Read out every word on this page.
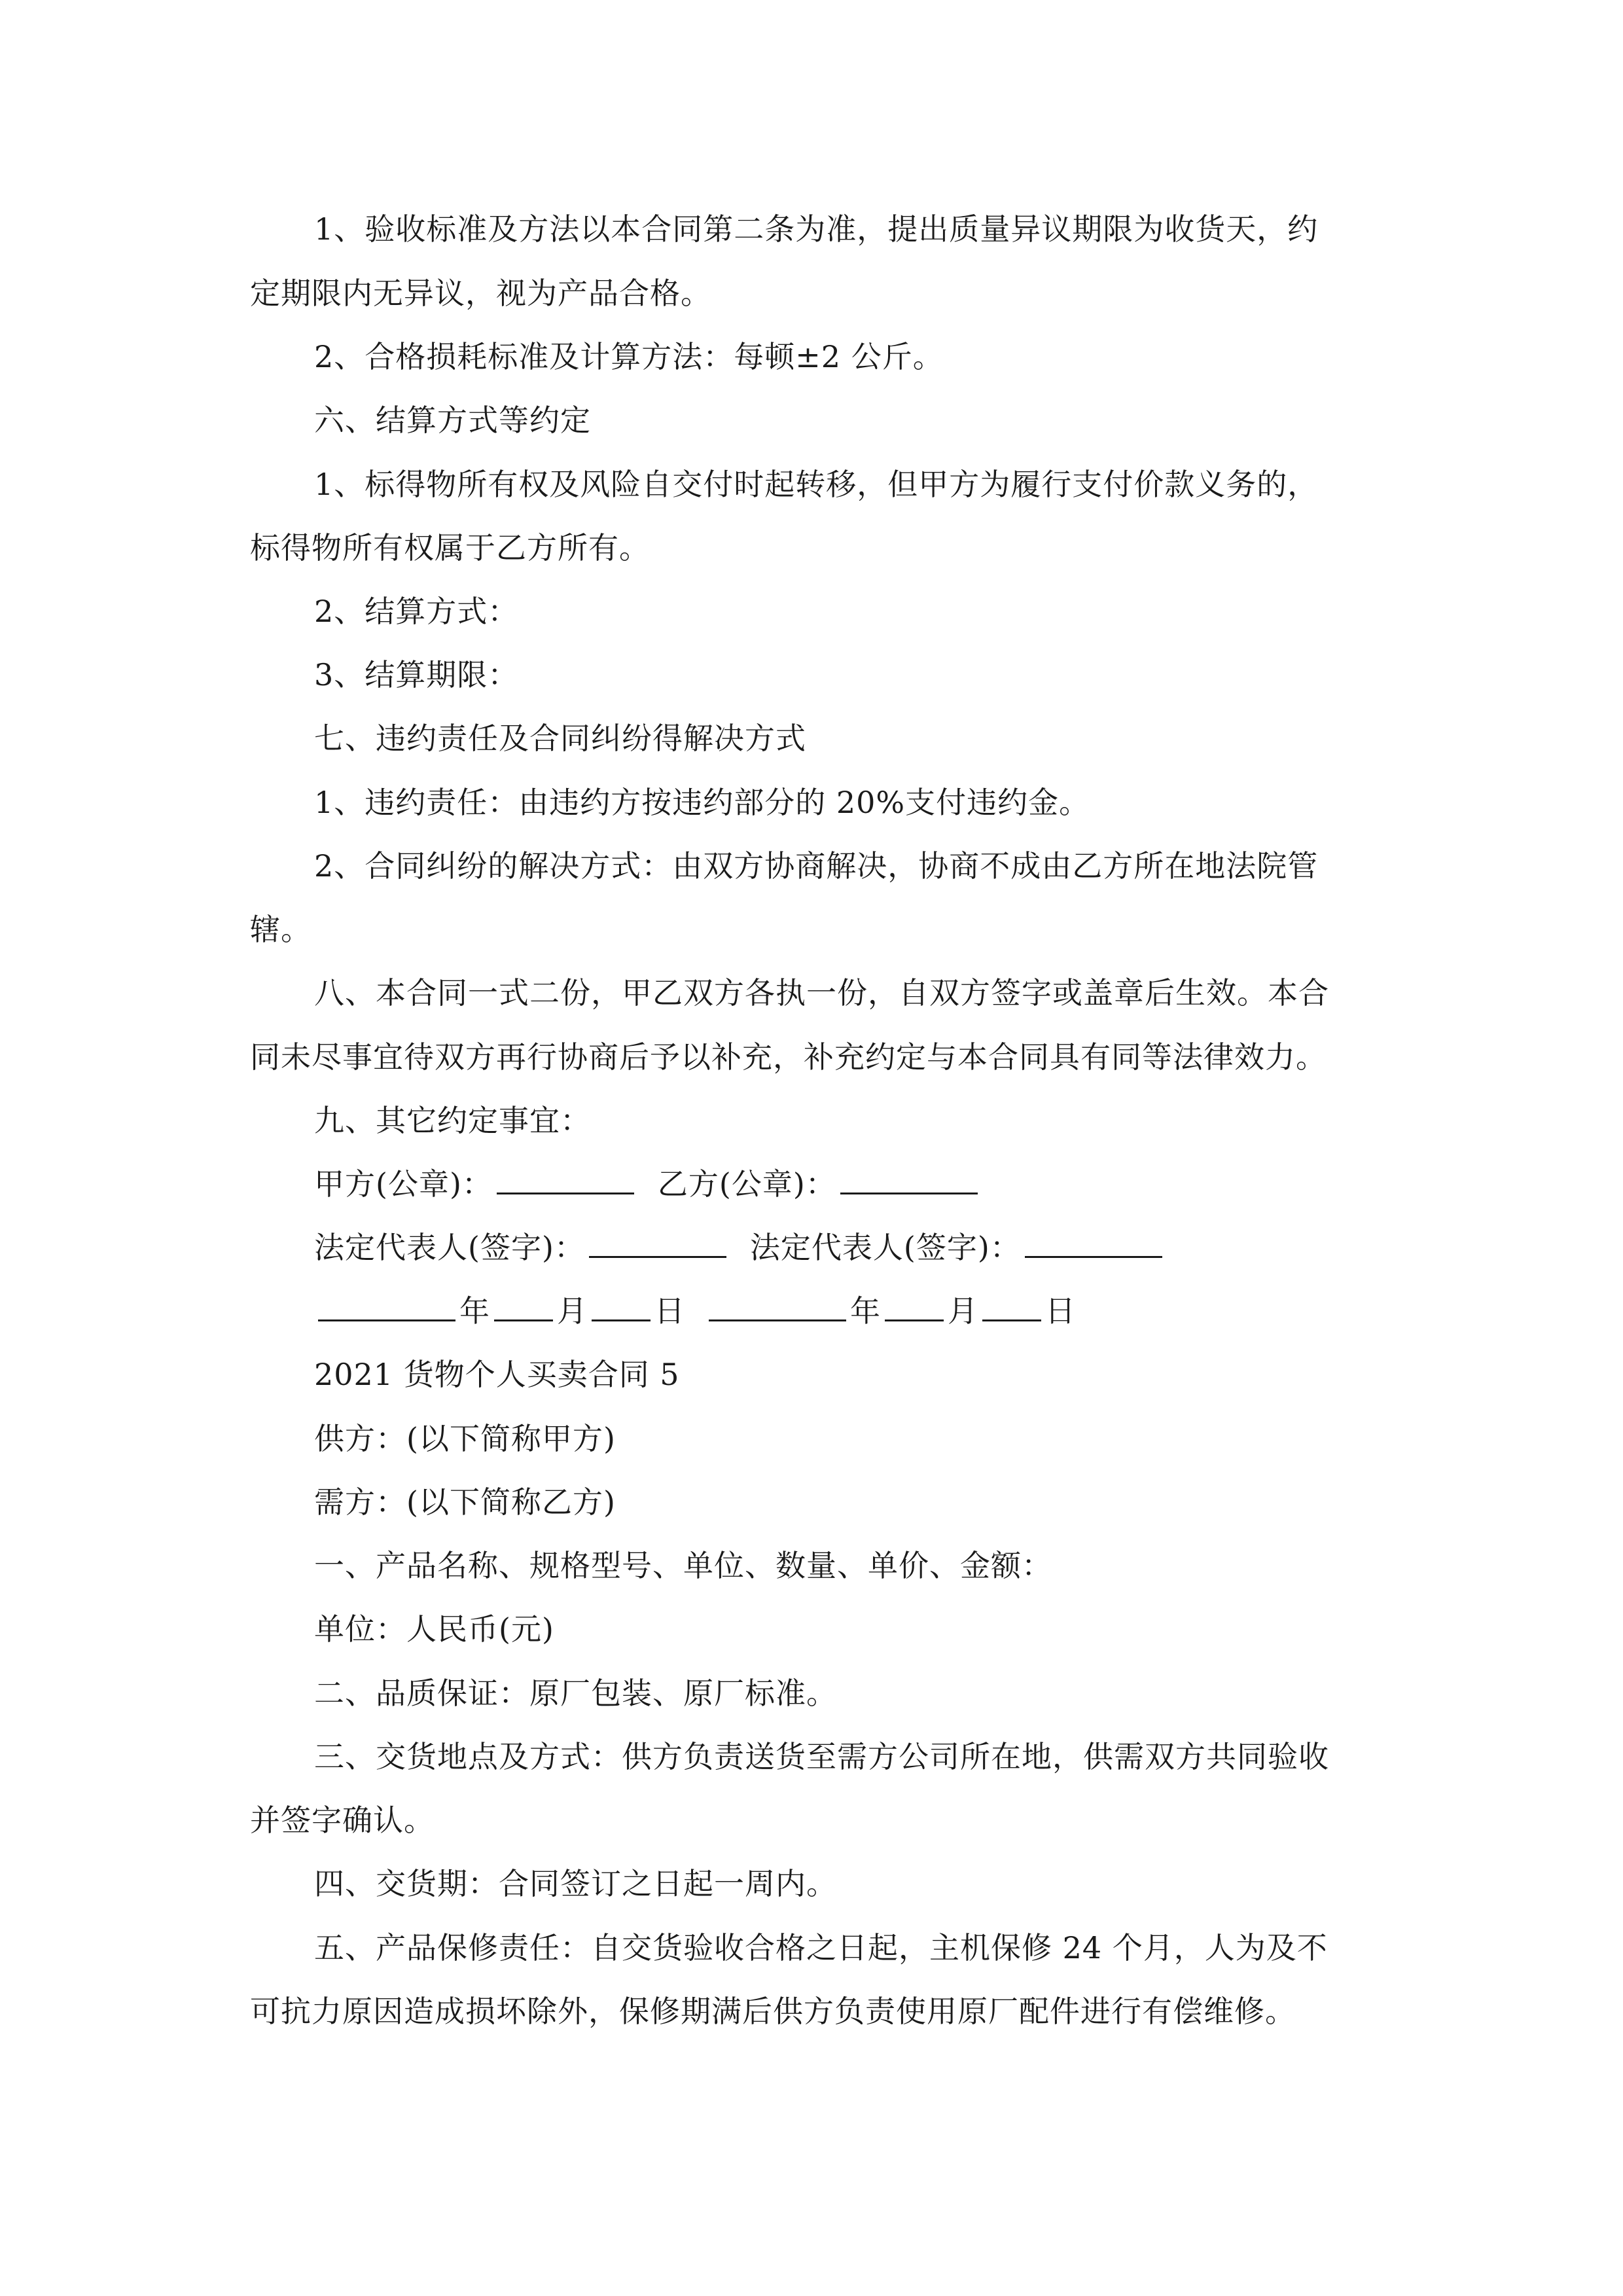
1、验收标准及方法以本合同第二条为准，提出质量异议期限为收货天，约
定期限内无异议，视为产品合格。
2、合格损耗标准及计算方法：每顿±2 公斤。
六、结算方式等约定
1、标得物所有权及风险自交付时起转移，但甲方为履行支付价款义务的，
标得物所有权属于乙方所有。
2、结算方式：
3、结算期限：
七、违约责任及合同纠纷得解决方式
1、违约责任：由违约方按违约部分的 20%支付违约金。
2、合同纠纷的解决方式：由双方协商解决，协商不成由乙方所在地法院管
辖。
八、本合同一式二份，甲乙双方各执一份，自双方签字或盖章后生效。本合
同未尽事宜待双方再行协商后予以补充，补充约定与本合同具有同等法律效力。
九、其它约定事宜：
甲方(公章)：	乙方(公章)：
法定代表人(签字)：	法定代表人(签字)：
年 月 日	年 月 日
2021 货物个人买卖合同 5
供方：(以下简称甲方)
需方：(以下简称乙方)
一、产品名称、规格型号、单位、数量、单价、金额：
单位：人民币(元)
二、品质保证：原厂包装、原厂标准。
三、交货地点及方式：供方负责送货至需方公司所在地，供需双方共同验收
并签字确认。
四、交货期：合同签订之日起一周内。
五、产品保修责任：自交货验收合格之日起，主机保修 24 个月，人为及不
可抗力原因造成损坏除外，保修期满后供方负责使用原厂配件进行有偿维修。
